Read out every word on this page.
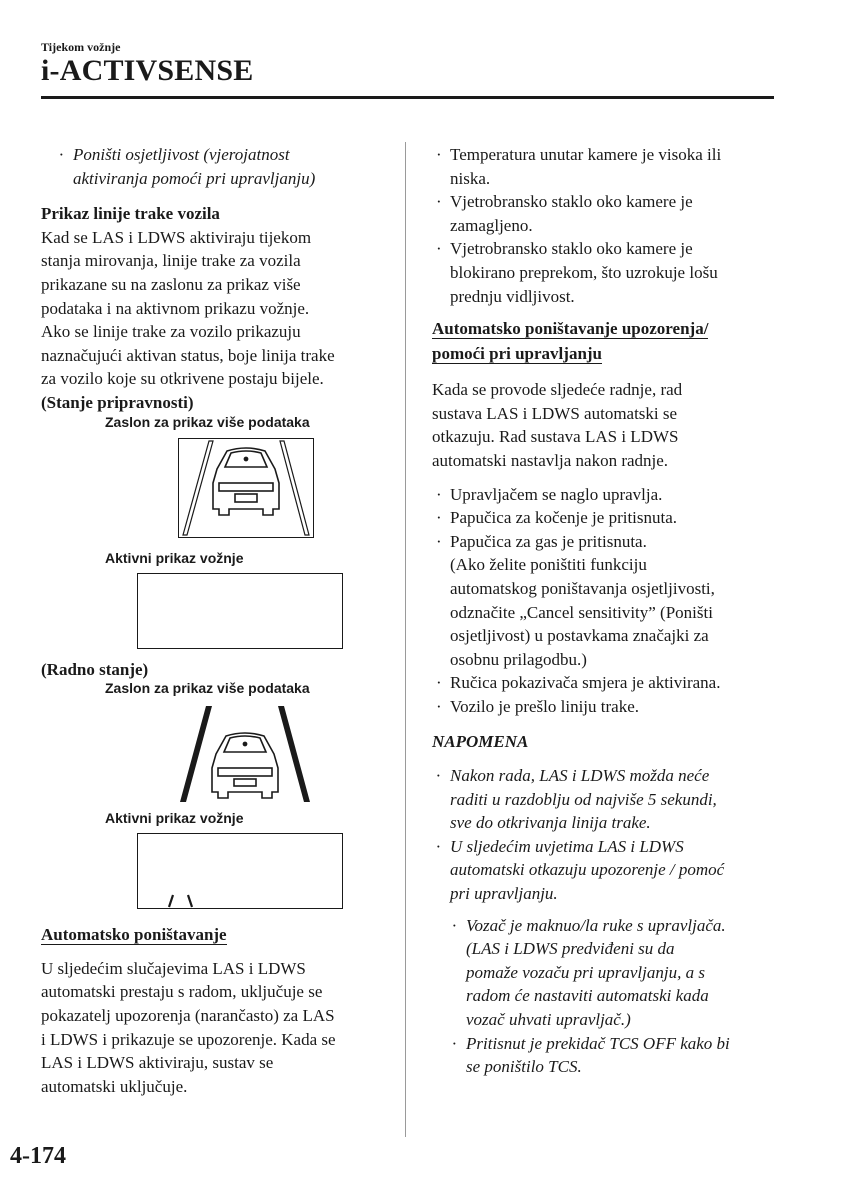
Tijekom vožnje
i-ACTIVSENSE

· Poništi osjetljivost (vjerojatnost

aktiviranja pomoći pri upravljanju)

Prikaz linije trake vozila

Kad se LAS i LDWS aktiviraju tijekom

stanja mirovanja, linije trake za vozila

prikazane su na zaslonu za prikaz više

podataka i na aktivnom prikazu vožnje.

Ako se linije trake za vozilo prikazuju

naznačujući aktivan status, boje linija trake

za vozilo koje su otkrivene postaju bijele.

(Stanje pripravnosti)

Zaslon za prikaz više podataka
Aktivni prikaz vožnje

(Radno stanje)

Zaslon za prikaz više podataka
Aktivni prikaz vožnje
Automatsko poništavanje

U sljedećim slučajevima LAS i LDWS

automatski prestaju s radom, uključuje se

pokazatelj upozorenja (narančasto) za LAS

i LDWS i prikazuje se upozorenje. Kada se

LAS i LDWS aktiviraju, sustav se

automatski uključuje.

· Temperatura unutar kamere je visoka ili

niska.

· Vjetrobransko staklo oko kamere je

zamagljeno.

· Vjetrobransko staklo oko kamere je

blokirano preprekom, što uzrokuje lošu

prednju vidljivost.

Automatsko poništavanje upozorenja/
pomoći pri upravljanju

Kada se provode sljedeće radnje, rad

sustava LAS i LDWS automatski se

otkazuju. Rad sustava LAS i LDWS

automatski nastavlja nakon radnje.

· Upravljačem se naglo upravlja.

· Papučica za kočenje je pritisnuta.

· Papučica za gas je pritisnuta.

(Ako želite poništiti funkciju

automatskog poništavanja osjetljivosti,

odznačite „Cancel sensitivity” (Poništi

osjetljivost) u postavkama značajki za

osobnu prilagodbu.)

· Ručica pokazivača smjera je aktivirana.

· Vozilo je prešlo liniju trake.

NAPOMENA

· Nakon rada, LAS i LDWS možda neće

raditi u razdoblju od najviše 5 sekundi,

sve do otkrivanja linija trake.

· U sljedećim uvjetima LAS i LDWS

automatski otkazuju upozorenje / pomoć

pri upravljanju.

· Vozač je maknuo/la ruke s upravljača.

(LAS i LDWS predviđeni su da

pomaže vozaču pri upravljanju, a s

radom će nastaviti automatski kada

vozač uhvati upravljač.)

· Pritisnut je prekidač TCS OFF kako bi

se poništilo TCS.

4-174
